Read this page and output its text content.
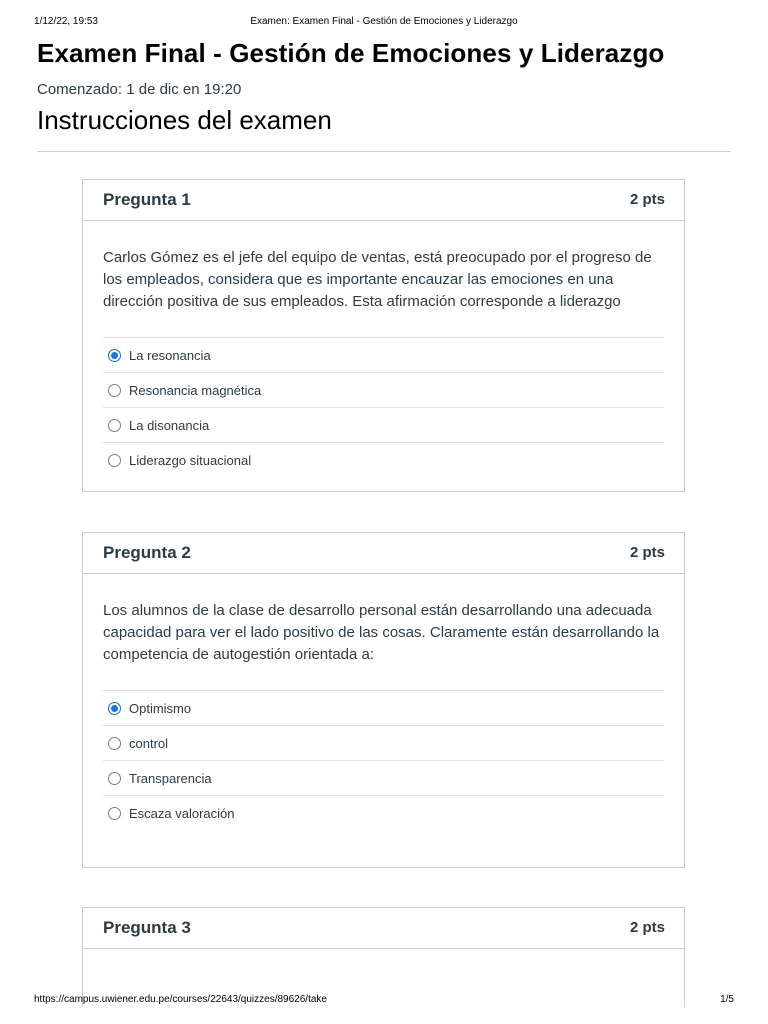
1/12/22, 19:53	Examen: Examen Final - Gestión de Emociones y Liderazgo
Examen Final - Gestión de Emociones y Liderazgo

Comenzado: 1 de dic en 19:20

Instrucciones del examen
Pregunta 1	2 pts

Carlos Gómez es el jefe del equipo de ventas, está preocupado por el progreso de los empleados, considera que es importante encauzar las emociones en una dirección positiva de sus empleados. Esta afirmación corresponde a liderazgo

La resonancia
Resonancia magnética
La disonancia
Liderazgo situacional
Pregunta 2	2 pts

Los alumnos de la clase de desarrollo personal están desarrollando una adecuada capacidad para ver el lado positivo de las cosas. Claramente están desarrollando la competencia de autogestión orientada a:

Optimismo
control
Transparencia
Escaza valoración
Pregunta 3	2 pts
https://campus.uwiener.edu.pe/courses/22643/quizzes/89626/take	1/5
